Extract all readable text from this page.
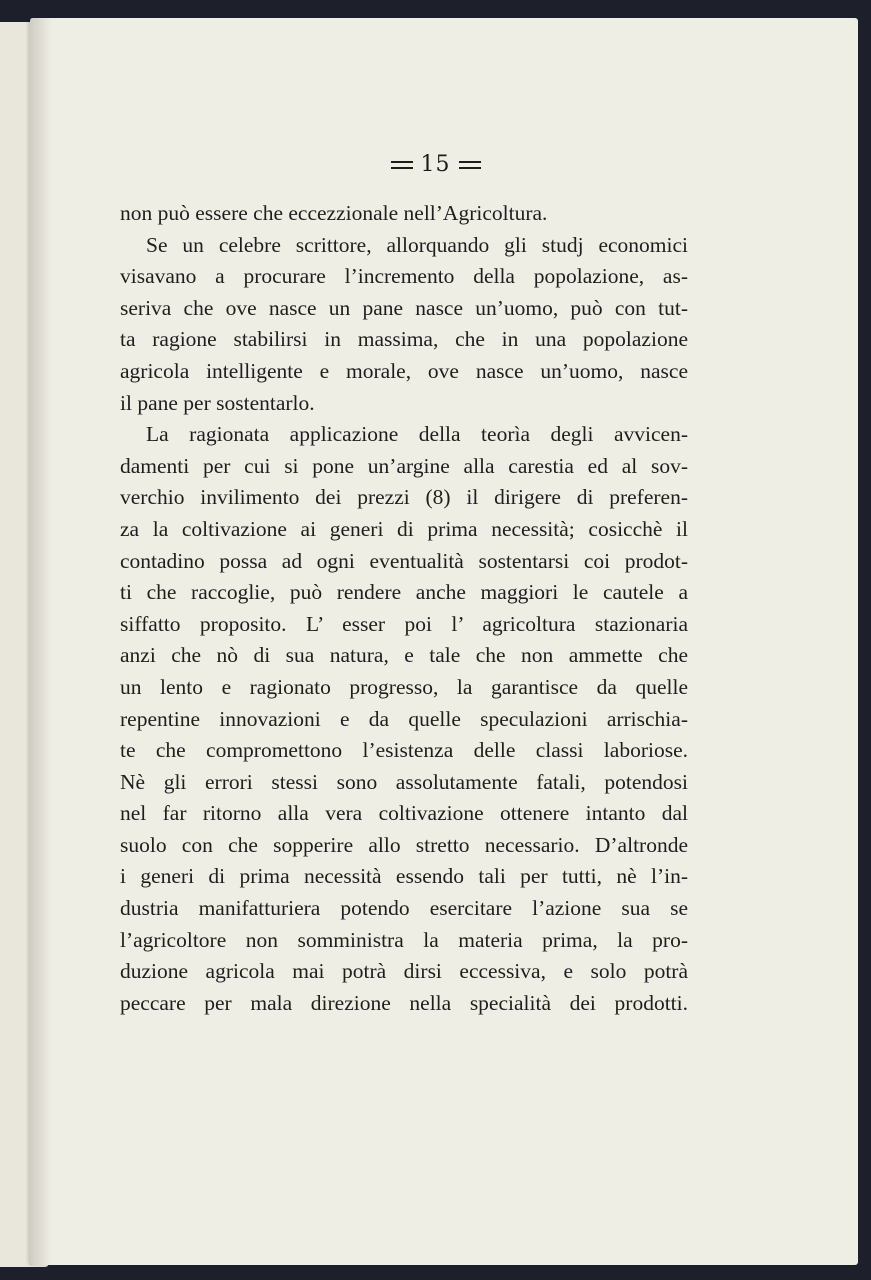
15
non può essere che eccezzionale nell’Agricoltura.
Se un celebre scrittore, allorquando gli studj economici
visavano a procurare l’incremento della popolazione, as-
seriva che ove nasce un pane nasce un’uomo, può con tut-
ta ragione stabilirsi in massima, che in una popolazione
agricola intelligente e morale, ove nasce un’uomo, nasce
il pane per sostentarlo.
La ragionata applicazione della teorìa degli avvicen-
damenti per cui si pone un’argine alla carestia ed al sov-
verchio invilimento dei prezzi (8) il dirigere di preferen-
za la coltivazione ai generi di prima necessità; cosicchè il
contadino possa ad ogni eventualità sostentarsi coi prodot-
ti che raccoglie, può rendere anche maggiori le cautele a
siffatto proposito. L’ esser poi l’ agricoltura stazionaria
anzi che nò di sua natura, e tale che non ammette che
un lento e ragionato progresso, la garantisce da quelle
repentine innovazioni e da quelle speculazioni arrischia-
te che compromettono l’esistenza delle classi laboriose.
Nè gli errori stessi sono assolutamente fatali, potendosi
nel far ritorno alla vera coltivazione ottenere intanto dal
suolo con che sopperire allo stretto necessario. D’altronde
i generi di prima necessità essendo tali per tutti, nè l’in-
dustria manifatturiera potendo esercitare l’azione sua se
l’agricoltore non somministra la materia prima, la pro-
duzione agricola mai potrà dirsi eccessiva, e solo potrà
peccare per mala direzione nella specialità dei prodotti.
